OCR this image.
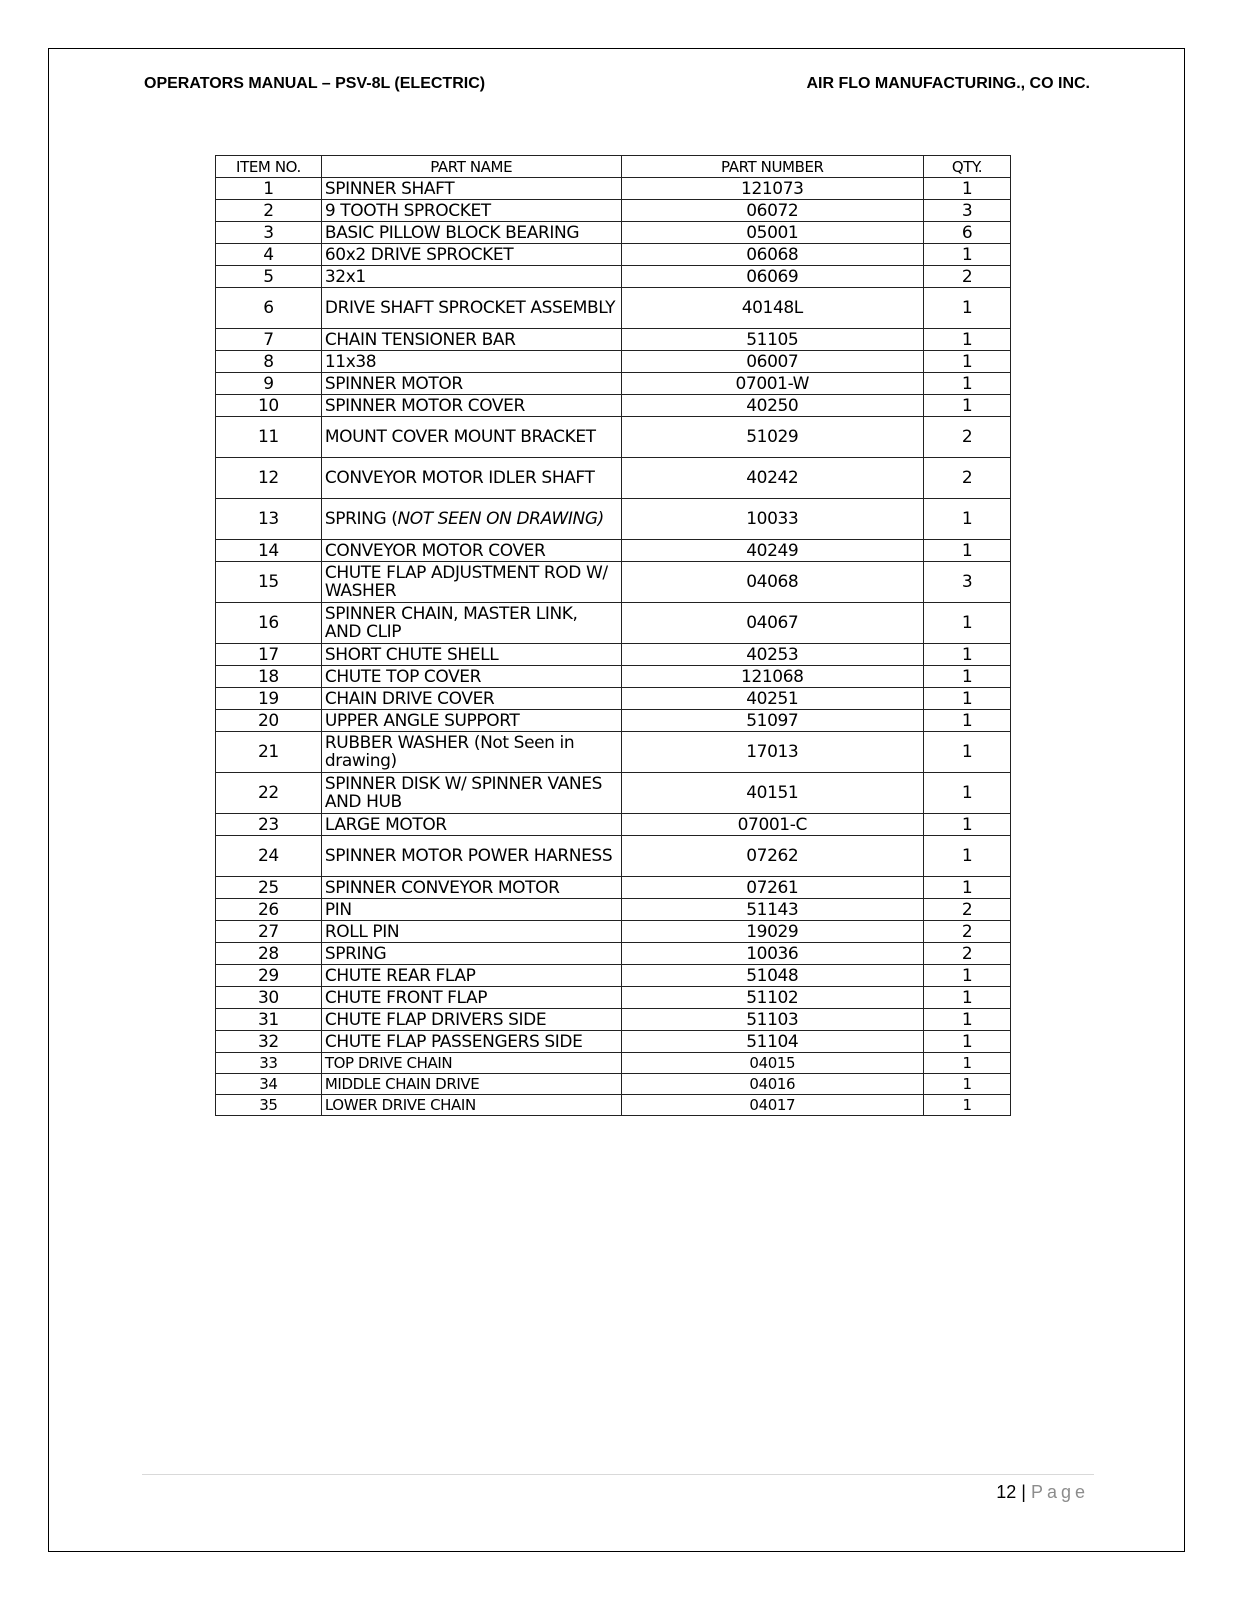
OPERATORS MANUAL – PSV-8L (ELECTRIC)	AIR FLO MANUFACTURING., CO INC.
ITEM NO.	PART NAME	PART NUMBER	QTY.
1	SPINNER SHAFT	121073	1
2	9 TOOTH SPROCKET	06072	3
3	BASIC PILLOW BLOCK BEARING	05001	6
4	60x2 DRIVE SPROCKET	06068	1
5	32x1	06069	2
6	DRIVE SHAFT SPROCKET ASSEMBLY	40148L	1
7	CHAIN TENSIONER BAR	51105	1
8	11x38	06007	1
9	SPINNER MOTOR	07001-W	1
10	SPINNER MOTOR COVER	40250	1
11	MOUNT COVER MOUNT BRACKET	51029	2
12	CONVEYOR MOTOR IDLER SHAFT	40242	2
13	SPRING (NOT SEEN ON DRAWING)	10033	1
14	CONVEYOR MOTOR COVER	40249	1
15	CHUTE FLAP ADJUSTMENT ROD W/ WASHER	04068	3
16	SPINNER CHAIN, MASTER LINK, AND CLIP	04067	1
17	SHORT CHUTE SHELL	40253	1
18	CHUTE TOP COVER	121068	1
19	CHAIN DRIVE COVER	40251	1
20	UPPER ANGLE SUPPORT	51097	1
21	RUBBER WASHER (Not Seen in drawing)	17013	1
22	SPINNER DISK W/ SPINNER VANES AND HUB	40151	1
23	LARGE MOTOR	07001-C	1
24	SPINNER MOTOR POWER HARNESS	07262	1
25	SPINNER CONVEYOR MOTOR	07261	1
26	PIN	51143	2
27	ROLL PIN	19029	2
28	SPRING	10036	2
29	CHUTE REAR FLAP	51048	1
30	CHUTE FRONT FLAP	51102	1
31	CHUTE FLAP DRIVERS SIDE	51103	1
32	CHUTE FLAP PASSENGERS SIDE	51104	1
33	TOP DRIVE CHAIN	04015	1
34	MIDDLE CHAIN DRIVE	04016	1
35	LOWER DRIVE CHAIN	04017	1
12 | Page
